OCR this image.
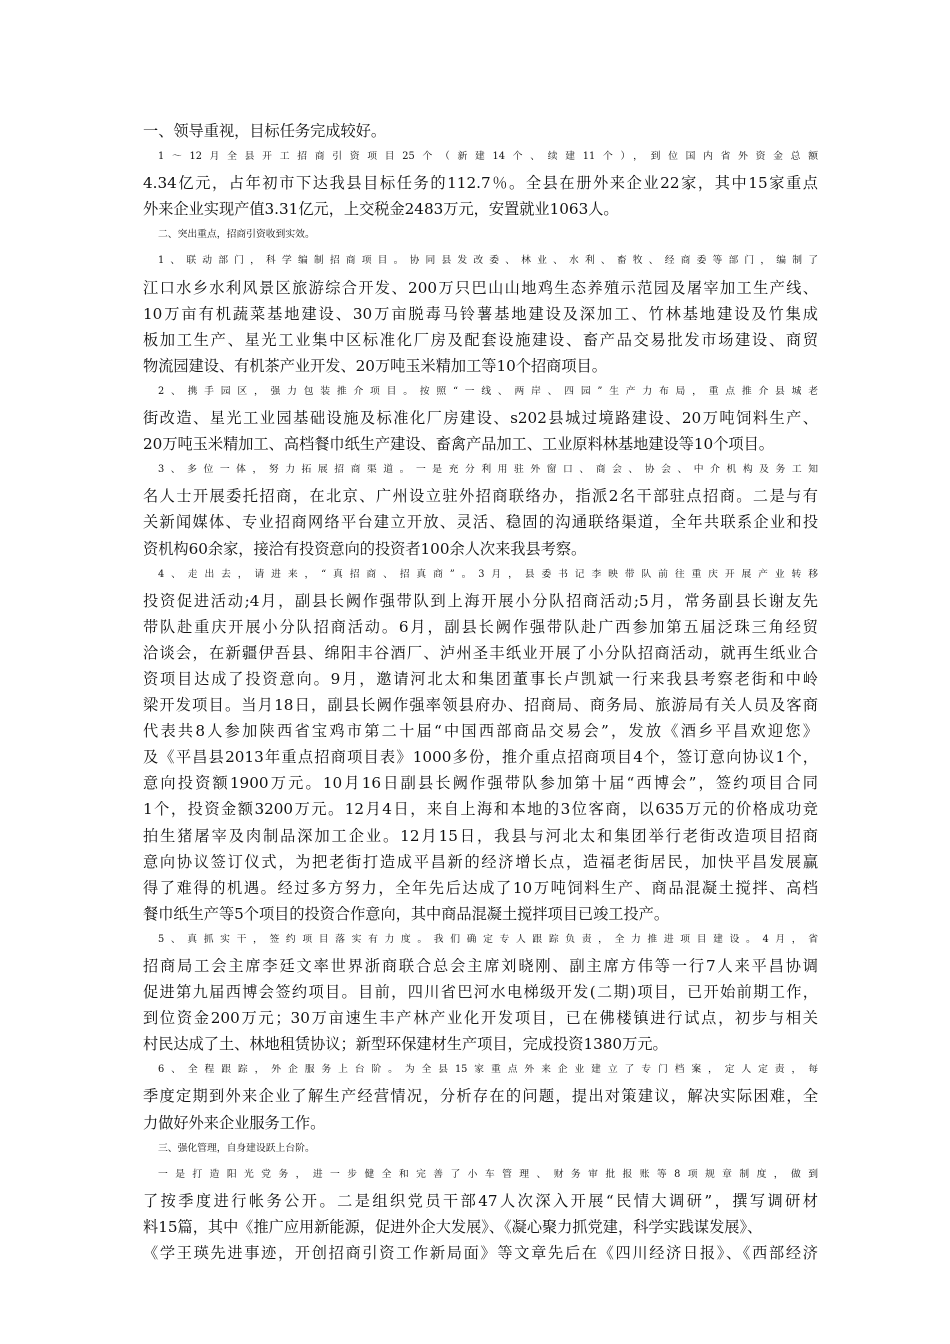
一、领导重视，目标任务完成较好。
1～12月全县开工招商引资项目25个（新建14个、续建11个），到位国内省外资金总额
4.34亿元，占年初市下达我县目标任务的112.7％。全县在册外来企业22家，其中15家重点
外来企业实现产值3.31亿元，上交税金2483万元，安置就业1063人。
二、突出重点，招商引资收到实效。
1、联动部门，科学编制招商项目。协同县发改委、林业、水利、畜牧、经商委等部门，编制了
江口水乡水利风景区旅游综合开发、200万只巴山山地鸡生态养殖示范园及屠宰加工生产线、
10万亩有机蔬菜基地建设、30万亩脱毒马铃薯基地建设及深加工、竹林基地建设及竹集成
板加工生产、星光工业集中区标准化厂房及配套设施建设、畜产品交易批发市场建设、商贸
物流园建设、有机茶产业开发、20万吨玉米精加工等10个招商项目。
2、携手园区，强力包装推介项目。按照“一线、两岸、四园”生产力布局，重点推介县城老
街改造、星光工业园基础设施及标准化厂房建设、s202县城过境路建设、20万吨饲料生产、
20万吨玉米精加工、高档餐巾纸生产建设、畜禽产品加工、工业原料林基地建设等10个项目。
3、多位一体，努力拓展招商渠道。一是充分利用驻外窗口、商会、协会、中介机构及务工知
名人士开展委托招商，在北京、广州设立驻外招商联络办，指派2名干部驻点招商。二是与有
关新闻媒体、专业招商网络平台建立开放、灵活、稳固的沟通联络渠道，全年共联系企业和投
资机构60余家，接洽有投资意向的投资者100余人次来我县考察。
4、走出去，请进来，“真招商、招真商”。3月，县委书记李映带队前往重庆开展产业转移
投资促进活动;4月，副县长阙作强带队到上海开展小分队招商活动;5月，常务副县长谢友先
带队赴重庆开展小分队招商活动。6月，副县长阙作强带队赴广西参加第五届泛珠三角经贸
洽谈会，在新疆伊吾县、绵阳丰谷酒厂、泸州圣丰纸业开展了小分队招商活动，就再生纸业合
资项目达成了投资意向。9月，邀请河北太和集团董事长卢凯斌一行来我县考察老街和中岭
梁开发项目。当月18日，副县长阙作强率领县府办、招商局、商务局、旅游局有关人员及客商
代表共8人参加陕西省宝鸡市第二十届“中国西部商品交易会”，发放《酒乡平昌欢迎您》
及《平昌县2013年重点招商项目表》1000多份，推介重点招商项目4个，签订意向协议1个，
意向投资额1900万元。10月16日副县长阙作强带队参加第十届“西博会”，签约项目合同
1个，投资金额3200万元。12月4日，来自上海和本地的3位客商，以635万元的价格成功竞
拍生猪屠宰及肉制品深加工企业。12月15日，我县与河北太和集团举行老街改造项目招商
意向协议签订仪式，为把老街打造成平昌新的经济增长点，造福老街居民，加快平昌发展赢
得了难得的机遇。经过多方努力，全年先后达成了10万吨饲料生产、商品混凝土搅拌、高档
餐巾纸生产等5个项目的投资合作意向，其中商品混凝土搅拌项目已竣工投产。
5、真抓实干，签约项目落实有力度。我们确定专人跟踪负责，全力推进项目建设。4月，省
招商局工会主席李廷文率世界浙商联合总会主席刘晓刚、副主席方伟等一行7人来平昌协调
促进第九届西博会签约项目。目前，四川省巴河水电梯级开发(二期)项目，已开始前期工作，
到位资金200万元；30万亩速生丰产林产业化开发项目，已在佛楼镇进行试点，初步与相关
村民达成了土、林地租赁协议；新型环保建材生产项目，完成投资1380万元。
6、全程跟踪，外企服务上台阶。为全县15家重点外来企业建立了专门档案，定人定责，每
季度定期到外来企业了解生产经营情况，分析存在的问题，提出对策建议，解决实际困难，全
力做好外来企业服务工作。
三、强化管理，自身建设跃上台阶。
一是打造阳光党务，进一步健全和完善了小车管理、财务审批报账等8项规章制度，做到
了按季度进行帐务公开。二是组织党员干部47人次深入开展“民情大调研”，撰写调研材
料15篇，其中《推广应用新能源，促进外企大发展》、《凝心聚力抓党建，科学实践谋发展》、
《学王瑛先进事迹，开创招商引资工作新局面》等文章先后在《四川经济日报》、《西部经济
